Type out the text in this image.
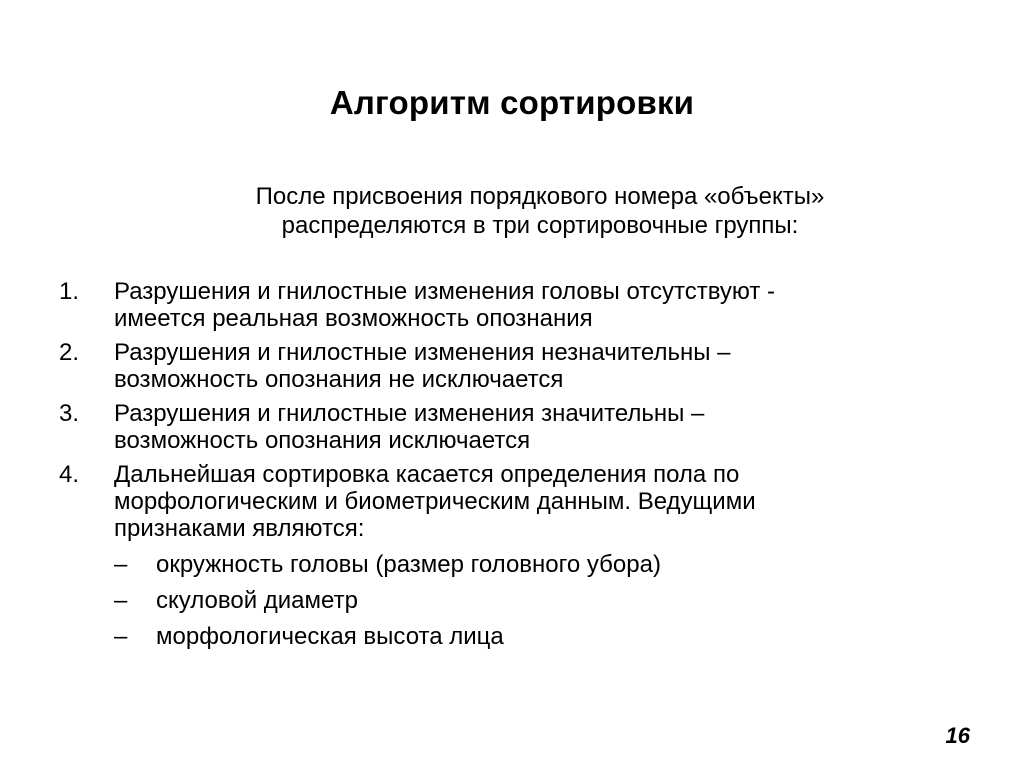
Алгоритм сортировки
После присвоения порядкового номера «объекты»
распределяются в три сортировочные группы:
1. Разрушения и гнилостные изменения головы отсутствуют -
имеется реальная возможность опознания
2. Разрушения и гнилостные изменения незначительны –
возможность опознания не исключается
3. Разрушения и гнилостные изменения значительны –
возможность опознания исключается
4. Дальнейшая сортировка касается определения пола по
морфологическим и биометрическим данным. Ведущими
признаками являются:
– окружность головы (размер головного убора)
– скуловой диаметр
– морфологическая высота лица
16
